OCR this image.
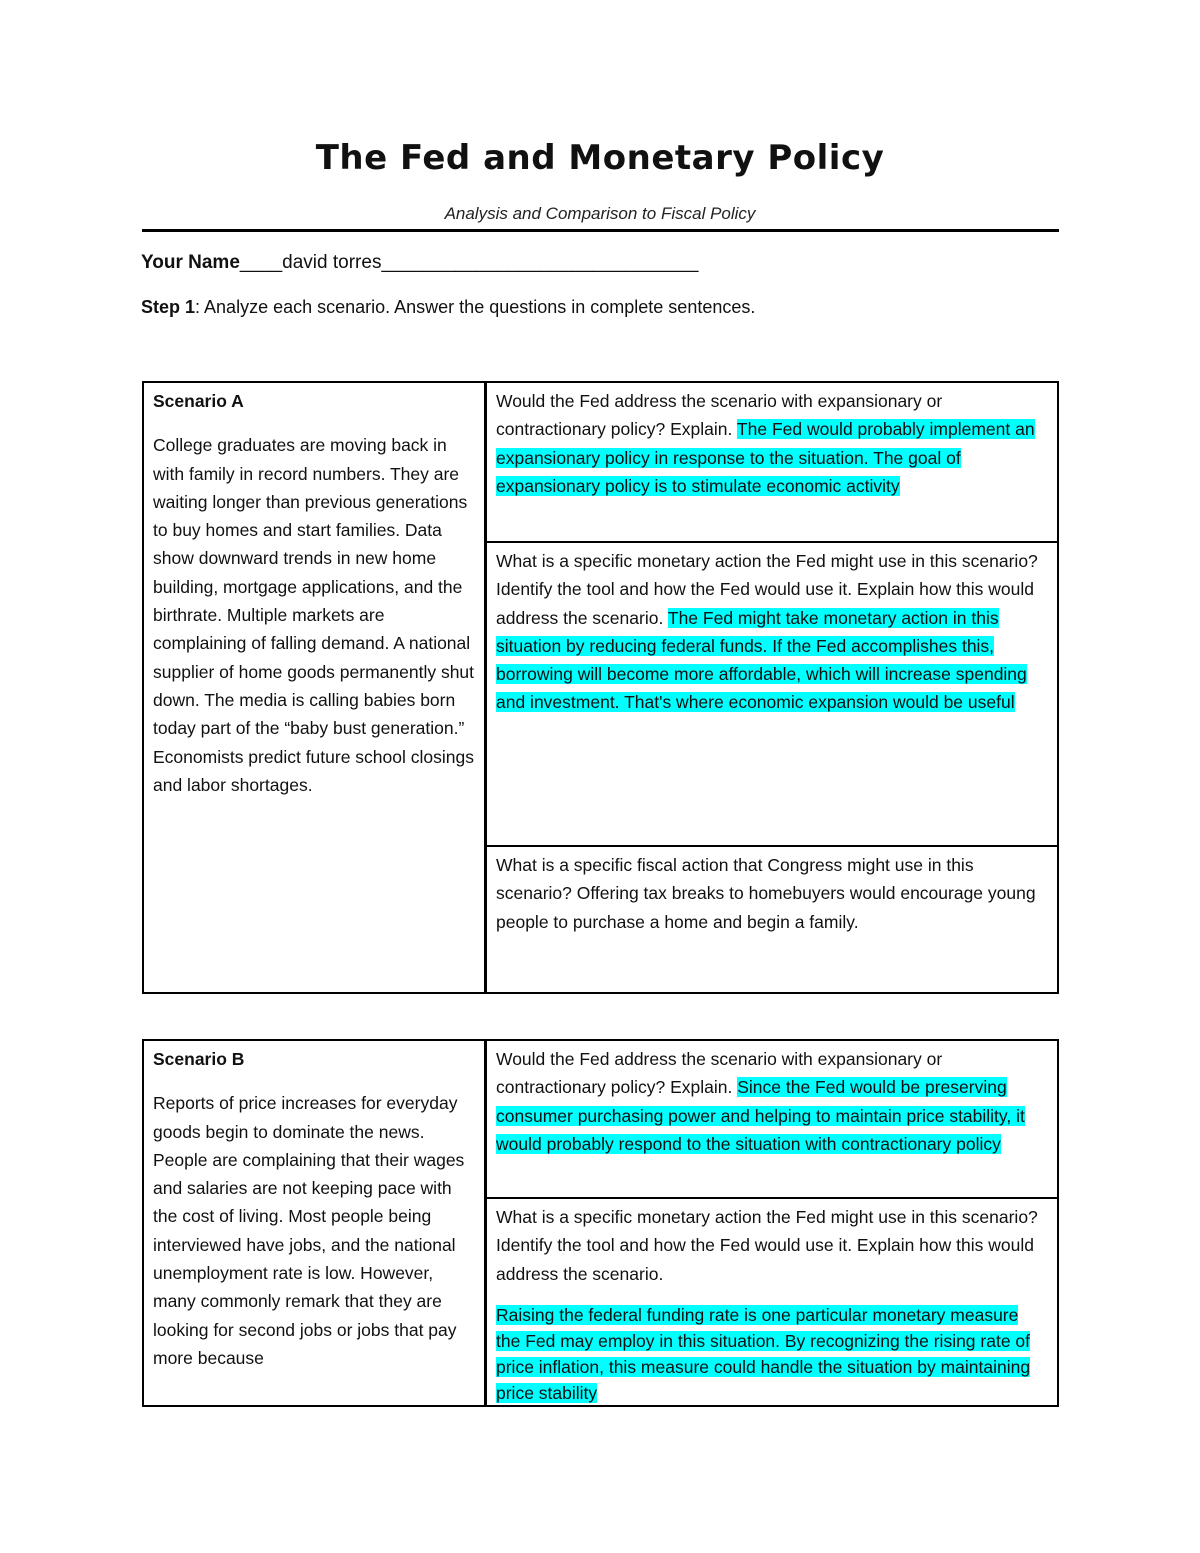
The Fed and Monetary Policy
Analysis and Comparison to Fiscal Policy
Your Name____david torres______________________________
Step 1: Analyze each scenario. Answer the questions in complete sentences.
Scenario A
College graduates are moving back in with family in record numbers. They are waiting longer than previous generations to buy homes and start families. Data show downward trends in new home building, mortgage applications, and the birthrate. Multiple markets are complaining of falling demand. A national supplier of home goods permanently shut down. The media is calling babies born today part of the “baby bust generation.” Economists predict future school closings and labor shortages.
Would the Fed address the scenario with expansionary or contractionary policy? Explain. The Fed would probably implement an expansionary policy in response to the situation. The goal of expansionary policy is to stimulate economic activity
What is a specific monetary action the Fed might use in this scenario? Identify the tool and how the Fed would use it. Explain how this would address the scenario. The Fed might take monetary action in this situation by reducing federal funds. If the Fed accomplishes this, borrowing will become more affordable, which will increase spending and investment. That's where economic expansion would be useful
What is a specific fiscal action that Congress might use in this scenario? Offering tax breaks to homebuyers would encourage young people to purchase a home and begin a family.
Scenario B
Reports of price increases for everyday goods begin to dominate the news. People are complaining that their wages and salaries are not keeping pace with the cost of living. Most people being interviewed have jobs, and the national unemployment rate is low. However, many commonly remark that they are looking for second jobs or jobs that pay more because
Would the Fed address the scenario with expansionary or contractionary policy? Explain. Since the Fed would be preserving consumer purchasing power and helping to maintain price stability, it would probably respond to the situation with contractionary policy
What is a specific monetary action the Fed might use in this scenario? Identify the tool and how the Fed would use it. Explain how this would address the scenario.
Raising the federal funding rate is one particular monetary measure the Fed may employ in this situation. By recognizing the rising rate of price inflation, this measure could handle the situation by maintaining price stability
